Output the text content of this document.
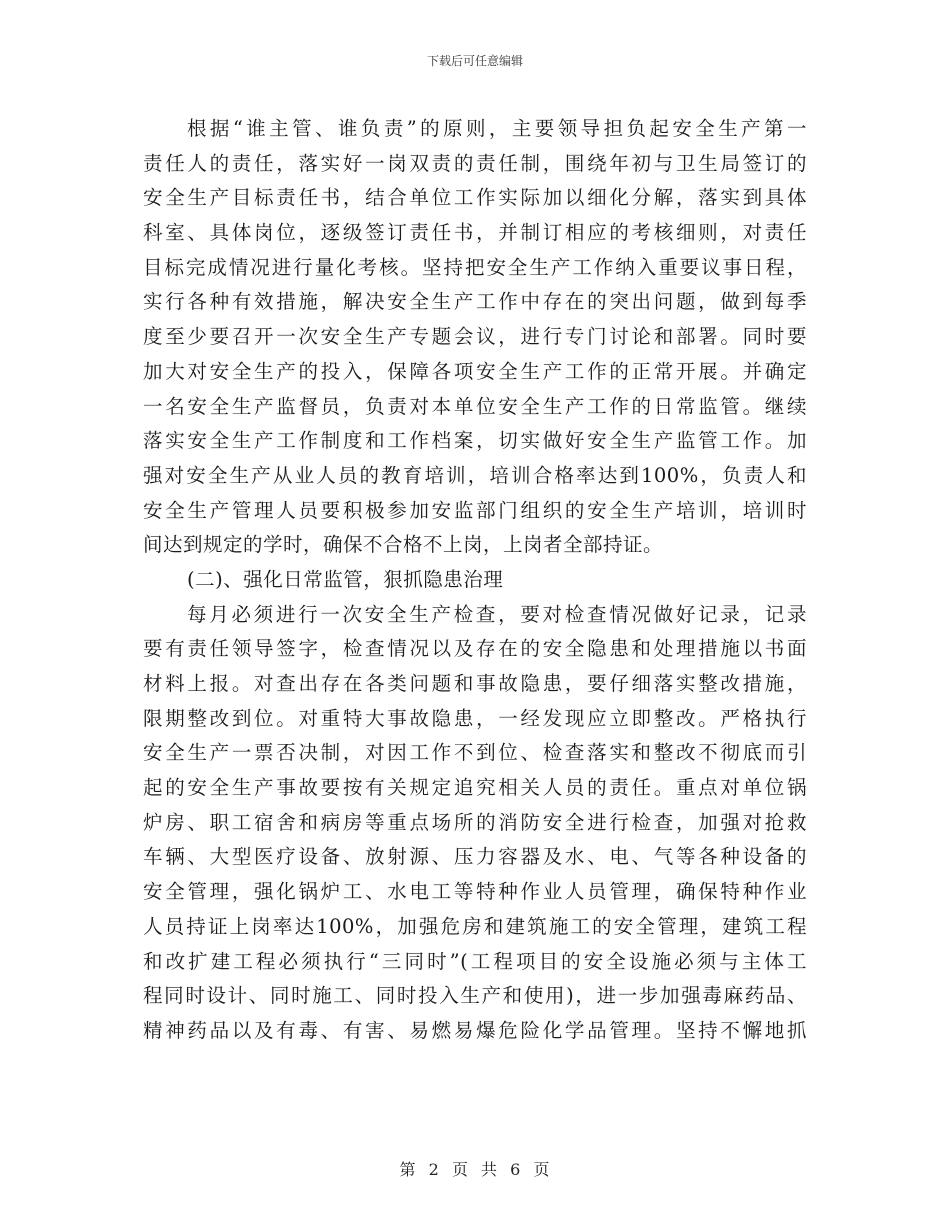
下载后可任意编辑
根据“谁主管、谁负责”的原则，主要领导担负起安全生产第一
责任人的责任，落实好一岗双责的责任制，围绕年初与卫生局签订的
安全生产目标责任书，结合单位工作实际加以细化分解，落实到具体
科室、具体岗位，逐级签订责任书，并制订相应的考核细则，对责任
目标完成情况进行量化考核。坚持把安全生产工作纳入重要议事日程，
实行各种有效措施，解决安全生产工作中存在的突出问题，做到每季
度至少要召开一次安全生产专题会议，进行专门讨论和部署。同时要
加大对安全生产的投入，保障各项安全生产工作的正常开展。并确定
一名安全生产监督员，负责对本单位安全生产工作的日常监管。继续
落实安全生产工作制度和工作档案，切实做好安全生产监管工作。加
强对安全生产从业人员的教育培训，培训合格率达到100%，负责人和
安全生产管理人员要积极参加安监部门组织的安全生产培训，培训时
间达到规定的学时，确保不合格不上岗，上岗者全部持证。
(二)、强化日常监管，狠抓隐患治理
每月必须进行一次安全生产检查，要对检查情况做好记录，记录
要有责任领导签字，检查情况以及存在的安全隐患和处理措施以书面
材料上报。对查出存在各类问题和事故隐患，要仔细落实整改措施，
限期整改到位。对重特大事故隐患，一经发现应立即整改。严格执行
安全生产一票否决制，对因工作不到位、检查落实和整改不彻底而引
起的安全生产事故要按有关规定追究相关人员的责任。重点对单位锅
炉房、职工宿舍和病房等重点场所的消防安全进行检查，加强对抢救
车辆、大型医疗设备、放射源、压力容器及水、电、气等各种设备的
安全管理，强化锅炉工、水电工等特种作业人员管理，确保特种作业
人员持证上岗率达100%，加强危房和建筑施工的安全管理，建筑工程
和改扩建工程必须执行“三同时”(工程项目的安全设施必须与主体工
程同时设计、同时施工、同时投入生产和使用)，进一步加强毒麻药品、
精神药品以及有毒、有害、易燃易爆危险化学品管理。坚持不懈地抓
第 2 页 共 6 页
